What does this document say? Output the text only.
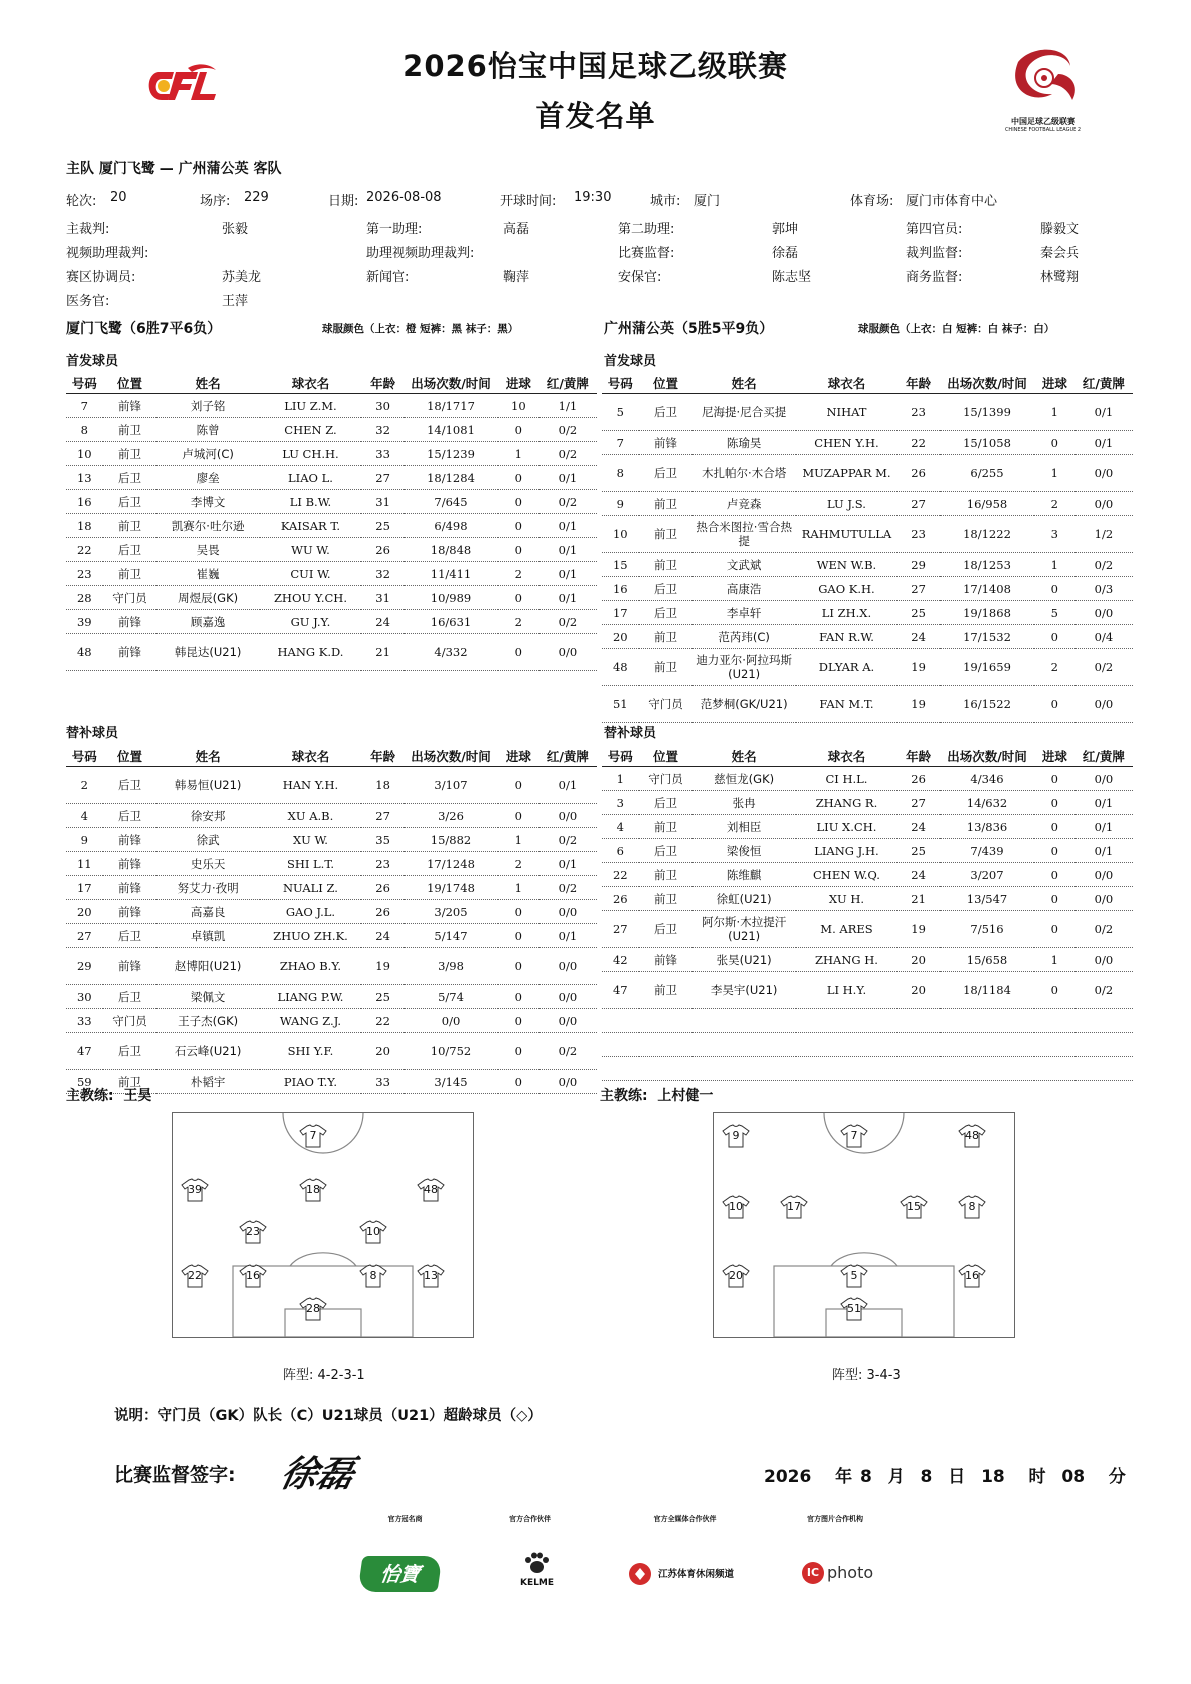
2026怡宝中国足球乙级联赛
首发名单	中国足球乙级联赛
CHINESE FOOTBALL LEAGUE 2
主队 厦门飞鹭 — 广州蒲公英 客队
轮次: 20	场序: 229	日期: 2026-08-08	开球时间: 19:30	城市: 厦门	体育场: 厦门市体育中心
主裁判:	张毅	第一助理:	高磊	第二助理:	郭坤	第四官员:	滕毅文
视频助理裁判:	助理视频助理裁判:	比赛监督:	徐磊	裁判监督:	秦会兵
赛区协调员:	苏美龙	新闻官:	鞠萍	安保官:	陈志坚	商务监督:	林鹭翔
医务官:	王萍
厦门飞鹭（6胜7平6负）	球服颜色（上衣：橙 短裤：黑 袜子：黑）	广州蒲公英（5胜5平9负）	球服颜色（上衣：白 短裤：白 袜子：白）
首发球员	首发球员
替补球员	替补球员
号码	位置	姓名	球衣名	年龄	出场次数/时间	进球	红/黄牌
7	前锋	刘子铭	LIU Z.M.	30	18/1717	10	1/1
8	前卫	陈曾	CHEN Z.	32	14/1081	0	0/2
10	前卫	卢城河(C)	LU CH.H.	33	15/1239	1	0/2
13	后卫	廖垒	LIAO L.	27	18/1284	0	0/1
16	后卫	李博文	LI B.W.	31	7/645	0	0/2
18	前卫	凯赛尔·吐尔逊	KAISAR T.	25	6/498	0	0/1
22	后卫	吴畏	WU W.	26	18/848	0	0/1
23	前卫	崔巍	CUI W.	32	11/411	2	0/1
28	守门员	周煜辰(GK)	ZHOU Y.CH.	31	10/989	0	0/1
39	前锋	顾嘉逸	GU J.Y.	24	16/631	2	0/2
48	前锋	韩昆达(U21)	HANG K.D.	21	4/332	0	0/0
号码	位置	姓名	球衣名	年龄	出场次数/时间	进球	红/黄牌
5	后卫	尼海提·尼合买提	NIHAT	23	15/1399	1	0/1
7	前锋	陈瑜昊	CHEN Y.H.	22	15/1058	0	0/1
8	后卫	木扎帕尔·木合塔	MUZAPPAR M.	26	6/255	1	0/0
9	前卫	卢竞森	LU J.S.	27	16/958	2	0/0
10	前卫	热合米图拉·雪合热提	RAHMUTULLA	23	18/1222	3	1/2
15	前卫	文武斌	WEN W.B.	29	18/1253	1	0/2
16	后卫	高康浩	GAO K.H.	27	17/1408	0	0/3
17	后卫	李卓轩	LI ZH.X.	25	19/1868	5	0/0
20	前卫	范芮玮(C)	FAN R.W.	24	17/1532	0	0/4
48	前卫	迪力亚尔·阿拉玛斯(U21)	DLYAR A.	19	19/1659	2	0/2
51	守门员	范梦桐(GK/U21)	FAN M.T.	19	16/1522	0	0/0
号码	位置	姓名	球衣名	年龄	出场次数/时间	进球	红/黄牌
2	后卫	韩易恒(U21)	HAN Y.H.	18	3/107	0	0/1
4	后卫	徐安邦	XU A.B.	27	3/26	0	0/0
9	前锋	徐武	XU W.	35	15/882	1	0/2
11	前锋	史乐天	SHI L.T.	23	17/1248	2	0/1
17	前锋	努艾力·孜明	NUALI Z.	26	19/1748	1	0/2
20	前锋	高嘉良	GAO J.L.	26	3/205	0	0/0
27	后卫	卓镇凯	ZHUO ZH.K.	24	5/147	0	0/1
29	前锋	赵博阳(U21)	ZHAO B.Y.	19	3/98	0	0/0
30	后卫	梁佩文	LIANG P.W.	25	5/74	0	0/0
33	守门员	王子杰(GK)	WANG Z.J.	22	0/0	0	0/0
47	后卫	石云峰(U21)	SHI Y.F.	20	10/752	0	0/2
59	前卫	朴韬宇	PIAO T.Y.	33	3/145	0	0/0
号码	位置	姓名	球衣名	年龄	出场次数/时间	进球	红/黄牌
1	守门员	慈恒龙(GK)	CI H.L.	26	4/346	0	0/0
3	后卫	张冉	ZHANG R.	27	14/632	0	0/1
4	前卫	刘相臣	LIU X.CH.	24	13/836	0	0/1
6	后卫	梁俊恒	LIANG J.H.	25	7/439	0	0/1
22	前卫	陈维麒	CHEN W.Q.	24	3/207	0	0/0
26	前卫	徐虹(U21)	XU H.	21	13/547	0	0/0
27	后卫	阿尔斯·木拉提汗(U21)	M. ARES	19	7/516	0	0/2
42	前锋	张昊(U21)	ZHANG H.	20	15/658	1	0/0
47	前卫	李昊宇(U21)	LI H.Y.	20	18/1184	0	0/2

主教练: 王昊	主教练: 上村健一
7
39	18	48
23	10
22	16	8	13
28
9	7	48
10	17	15	8
20	5	16
51
阵型: 4-2-3-1	阵型: 3-4-3
说明：守门员（GK）队长（C）U21球员（U21）超龄球员（◇）
比赛监督签字: 徐磊	2026 年 8 月 8 日 18 时 08 分
官方冠名商	官方合作伙伴	官方全媒体合作伙伴	官方图片合作机构
怡寶	KELME
江苏体育休闲频道	IC photo
